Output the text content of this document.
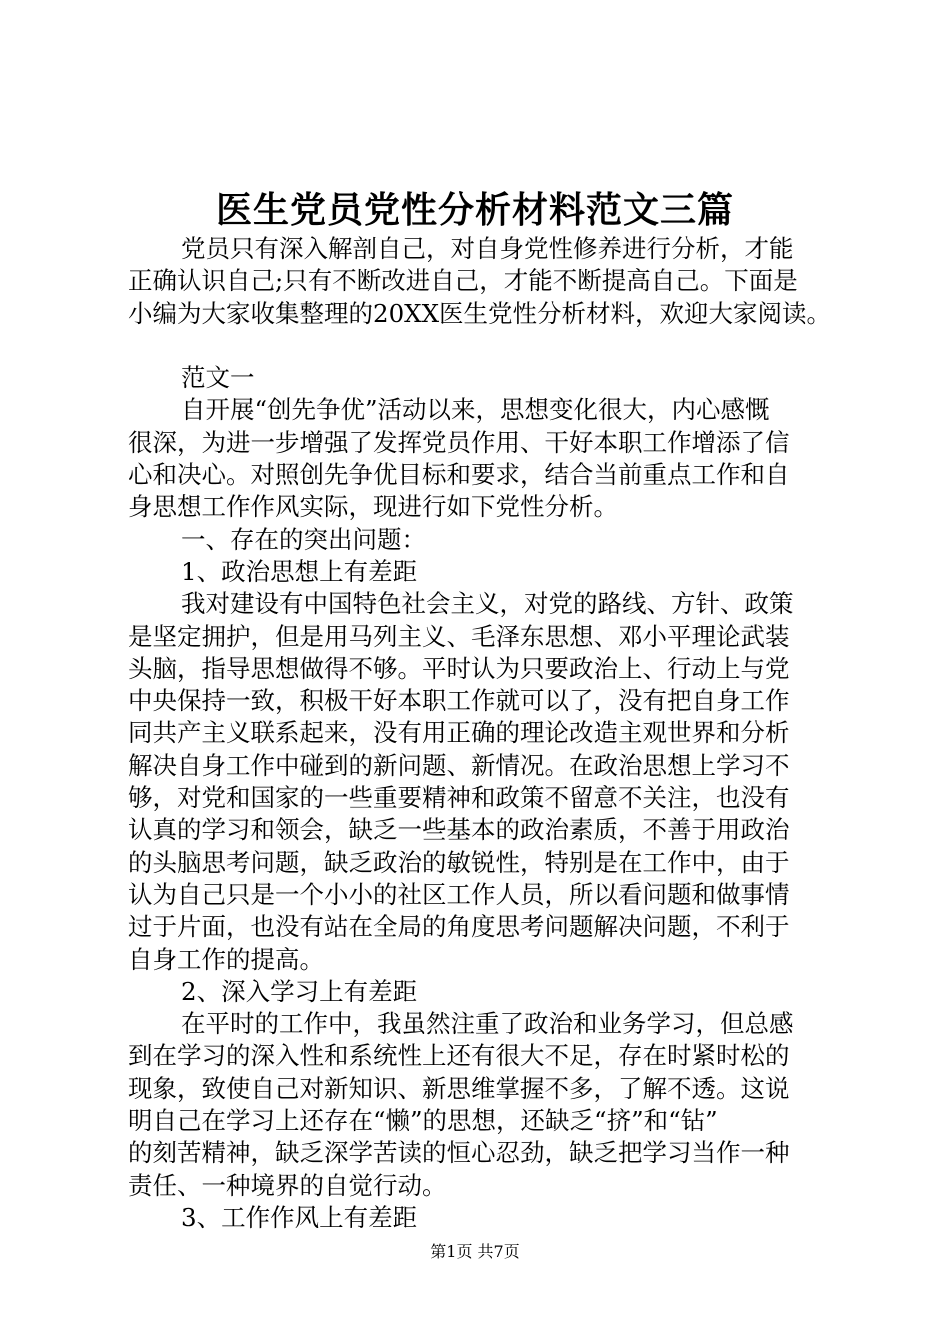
医生党员党性分析材料范文三篇
党员只有深入解剖自己，对自身党性修养进行分析，才能
正确认识自己;只有不断改进自己，才能不断提高自己。下面是
小编为大家收集整理的20XX医生党性分析材料，欢迎大家阅读。
范文一
自开展“创先争优”活动以来，思想变化很大，内心感慨
很深，为进一步增强了发挥党员作用、干好本职工作增添了信
心和决心。对照创先争优目标和要求，结合当前重点工作和自
身思想工作作风实际，现进行如下党性分析。
一、存在的突出问题：
1、政治思想上有差距
我对建设有中国特色社会主义，对党的路线、方针、政策
是坚定拥护，但是用马列主义、毛泽东思想、邓小平理论武装
头脑，指导思想做得不够。平时认为只要政治上、行动上与党
中央保持一致，积极干好本职工作就可以了，没有把自身工作
同共产主义联系起来，没有用正确的理论改造主观世界和分析
解决自身工作中碰到的新问题、新情况。在政治思想上学习不
够，对党和国家的一些重要精神和政策不留意不关注，也没有
认真的学习和领会，缺乏一些基本的政治素质，不善于用政治
的头脑思考问题，缺乏政治的敏锐性，特别是在工作中，由于
认为自己只是一个小小的社区工作人员，所以看问题和做事情
过于片面，也没有站在全局的角度思考问题解决问题，不利于
自身工作的提高。
2、深入学习上有差距
在平时的工作中，我虽然注重了政治和业务学习，但总感
到在学习的深入性和系统性上还有很大不足，存在时紧时松的
现象，致使自己对新知识、新思维掌握不多，了解不透。这说
明自己在学习上还存在“懒”的思想，还缺乏“挤”和“钻”
的刻苦精神，缺乏深学苦读的恒心忍劲，缺乏把学习当作一种
责任、一种境界的自觉行动。
3、工作作风上有差距
第1页 共7页
